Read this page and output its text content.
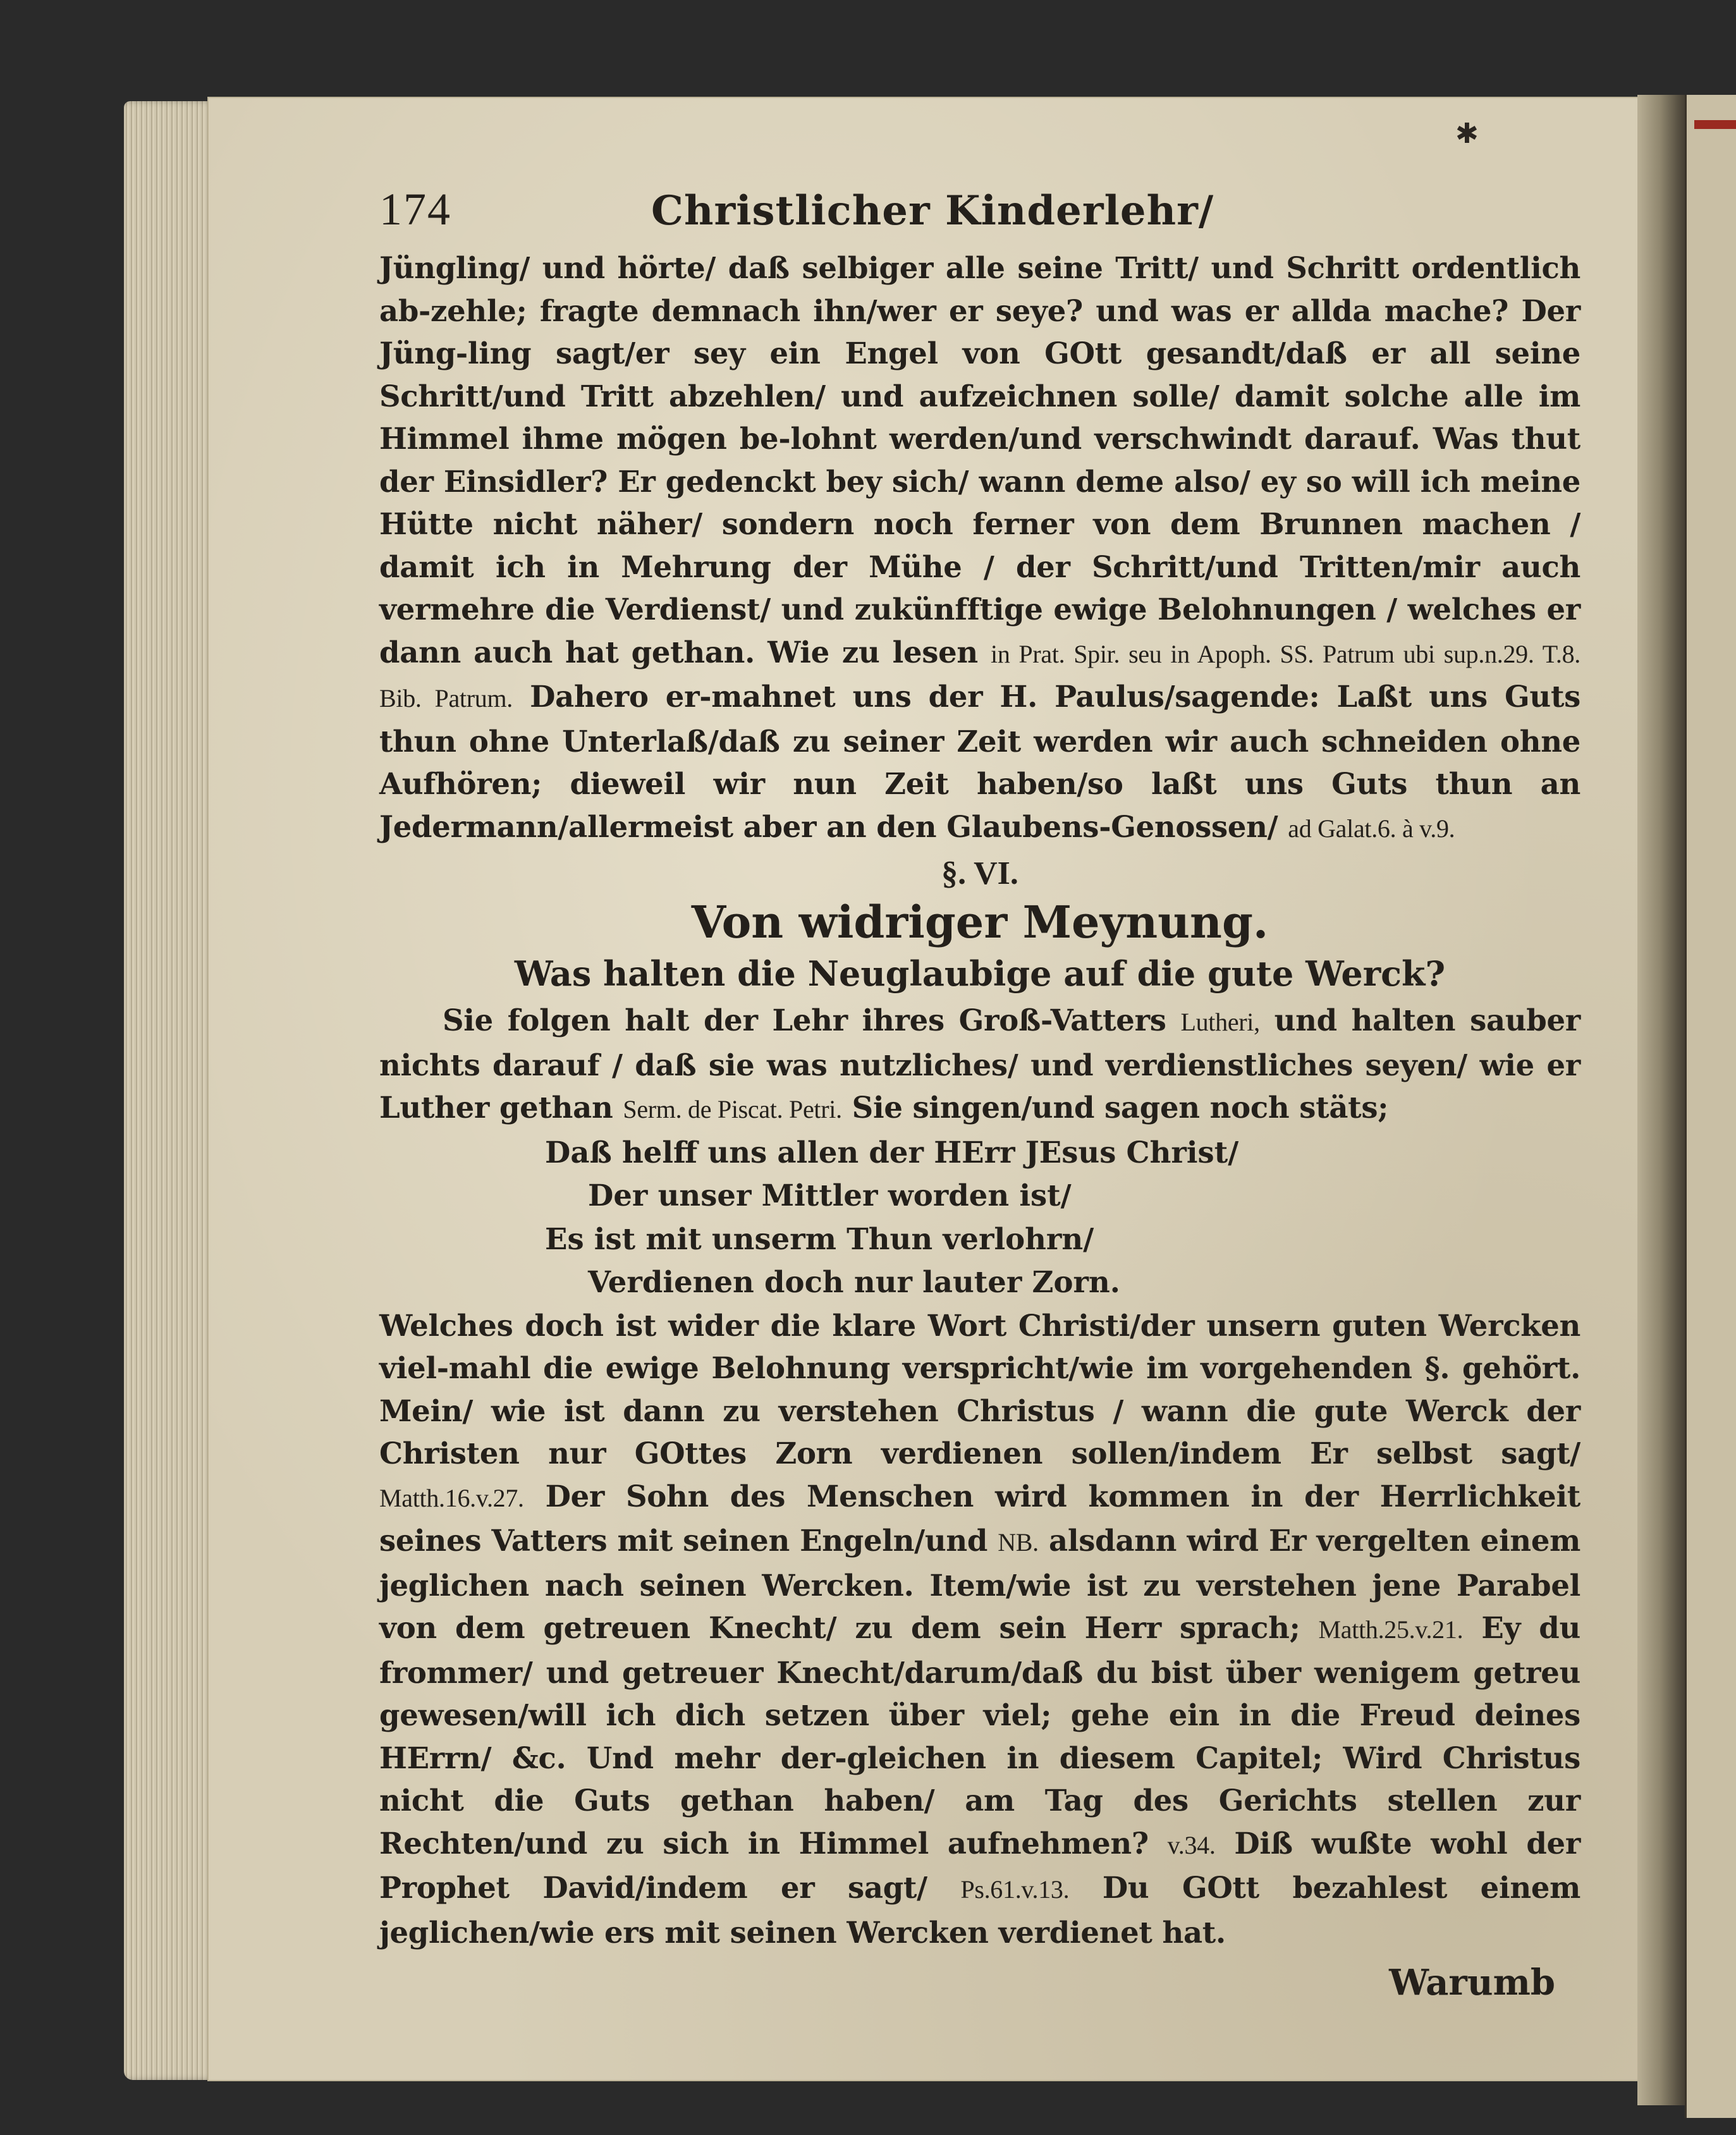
✱
174	Christlicher Kinderlehr/

Jüngling/ und hörte/ daß selbiger alle seine Tritt/ und Schritt ordentlich ab-zehle; fragte demnach ihn/wer er seye? und was er allda mache? Der Jüng-ling sagt/er sey ein Engel von GOtt gesandt/daß er all seine Schritt/und Tritt abzehlen/ und aufzeichnen solle/ damit solche alle im Himmel ihme mögen be-lohnt werden/und verschwindt darauf. Was thut der Einsidler? Er gedenckt bey sich/ wann deme also/ ey so will ich meine Hütte nicht näher/ sondern noch ferner von dem Brunnen machen / damit ich in Mehrung der Mühe / der Schritt/und Tritten/mir auch vermehre die Verdienst/ und zukünfftige ewige Belohnungen / welches er dann auch hat gethan. Wie zu lesen in Prat. Spir. seu in Apoph. SS. Patrum ubi sup.n.29. T.8. Bib. Patrum. Dahero er-mahnet uns der H. Paulus/sagende: Laßt uns Guts thun ohne Unterlaß/daß zu seiner Zeit werden wir auch schneiden ohne Aufhören; dieweil wir nun Zeit haben/so laßt uns Guts thun an Jedermann/allermeist aber an den Glaubens-Genossen/ ad Galat.6. à v.9.

§. VI.
Von widriger Meynung.
Was halten die Neuglaubige auf die gute Werck?

Sie folgen halt der Lehr ihres Groß-Vatters Lutheri, und halten sauber nichts darauf / daß sie was nutzliches/ und verdienstliches seyen/ wie er Luther gethan Serm. de Piscat. Petri. Sie singen/und sagen noch stäts;

Daß helff uns allen der HErr JEsus Christ/
Der unser Mittler worden ist/
Es ist mit unserm Thun verlohrn/
Verdienen doch nur lauter Zorn.

Welches doch ist wider die klare Wort Christi/der unsern guten Wercken viel-mahl die ewige Belohnung verspricht/wie im vorgehenden §. gehört. Mein/ wie ist dann zu verstehen Christus / wann die gute Werck der Christen nur GOttes Zorn verdienen sollen/indem Er selbst sagt/ Matth.16.v.27. Der Sohn des Menschen wird kommen in der Herrlichkeit seines Vatters mit seinen Engeln/und NB. alsdann wird Er vergelten einem jeglichen nach seinen Wercken. Item/wie ist zu verstehen jene Parabel von dem getreuen Knecht/ zu dem sein Herr sprach; Matth.25.v.21. Ey du frommer/ und getreuer Knecht/darum/daß du bist über wenigem getreu gewesen/will ich dich setzen über viel; gehe ein in die Freud deines HErrn/ &c. Und mehr der-gleichen in diesem Capitel; Wird Christus nicht die Guts gethan haben/ am Tag des Gerichts stellen zur Rechten/und zu sich in Himmel aufnehmen? v.34. Diß wußte wohl der Prophet David/indem er sagt/ Ps.61.v.13. Du GOtt bezahlest einem jeglichen/wie ers mit seinen Wercken verdienet hat.

Warumb
